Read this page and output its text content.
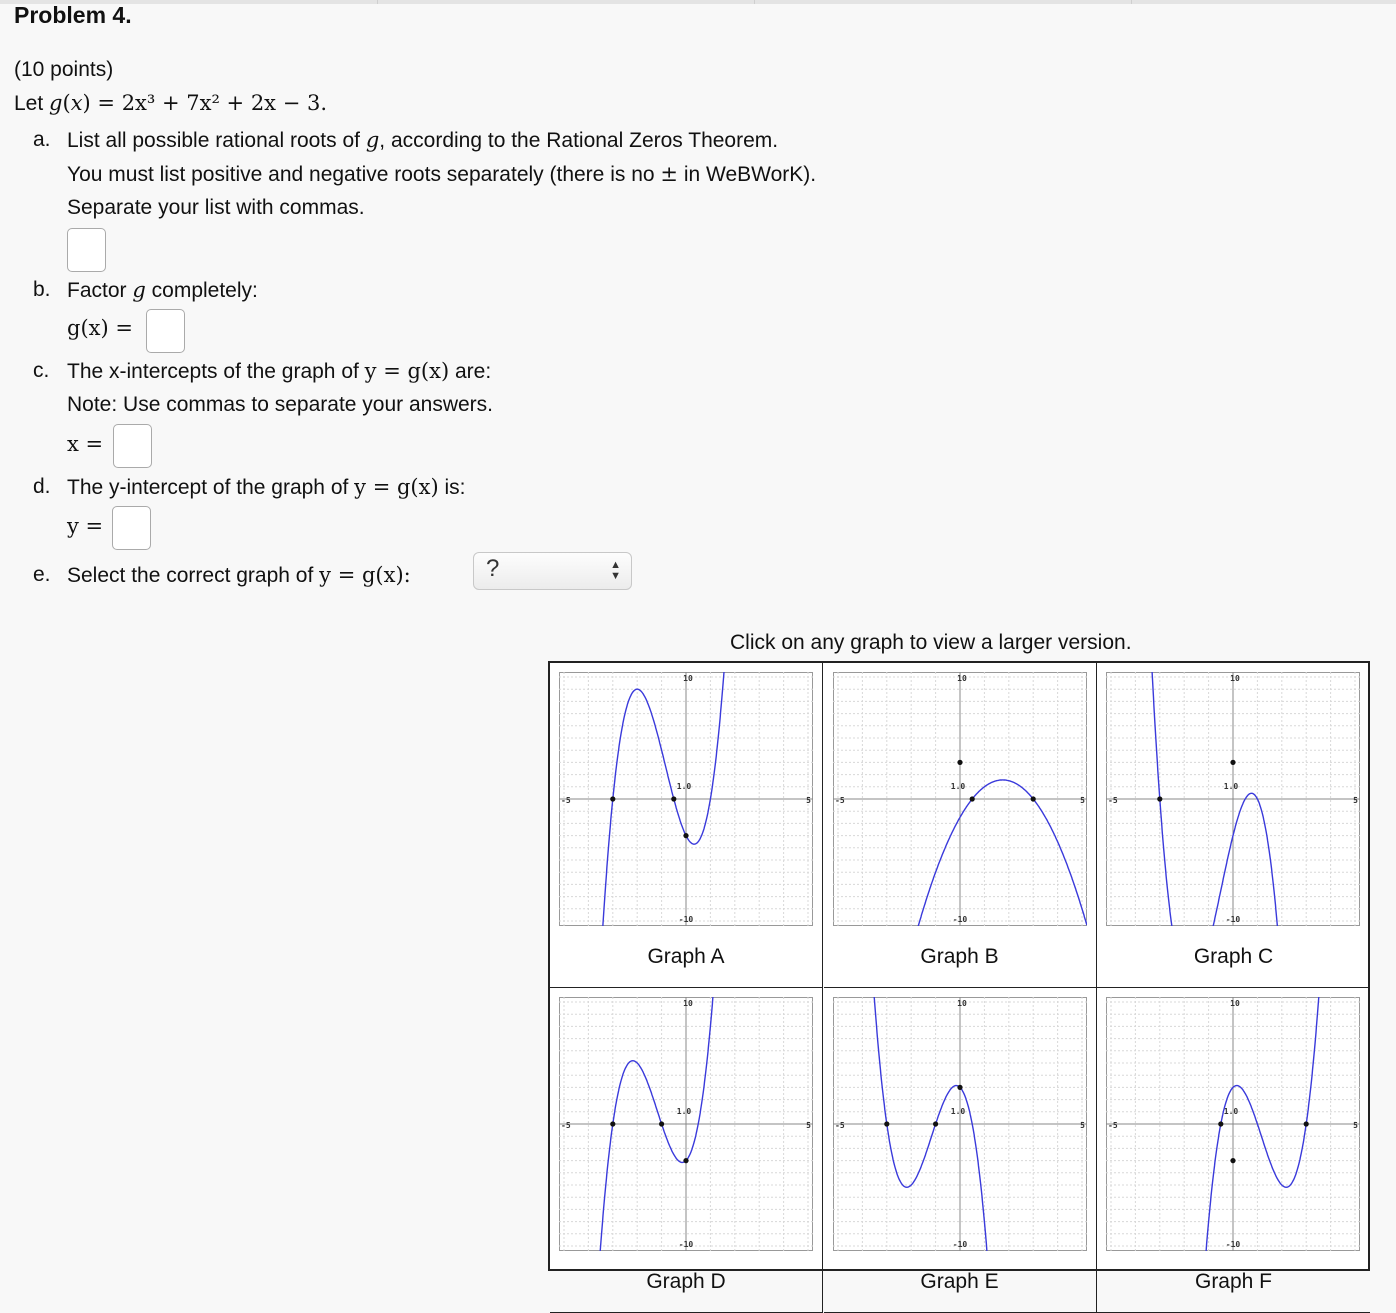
Problem 4.
(10 points)
Let g(x) = 2x³ + 7x² + 2x − 3.
a. List all possible rational roots of g, according to the Rational Zeros Theorem.
You must list positive and negative roots separately (there is no ± in WeBWorK).
Separate your list with commas.
b. Factor g completely:
g(x) =
c. The x-intercepts of the graph of y = g(x) are:
Note: Use commas to separate your answers.
x =
d. The y-intercept of the graph of y = g(x) is:
y =
e. Select the correct graph of y = g(x):	?	▲
▼
Click on any graph to view a larger version.
-5	5
10
-10
1.0
Graph A
-5	5
10
-10
1.0
Graph B
-5	5
10
-10
1.0
Graph C
-5	5
10
-10
1.0
Graph D
-5	5
10
-10
1.0
Graph E
-5	5
10
-10
1.0
Graph F
